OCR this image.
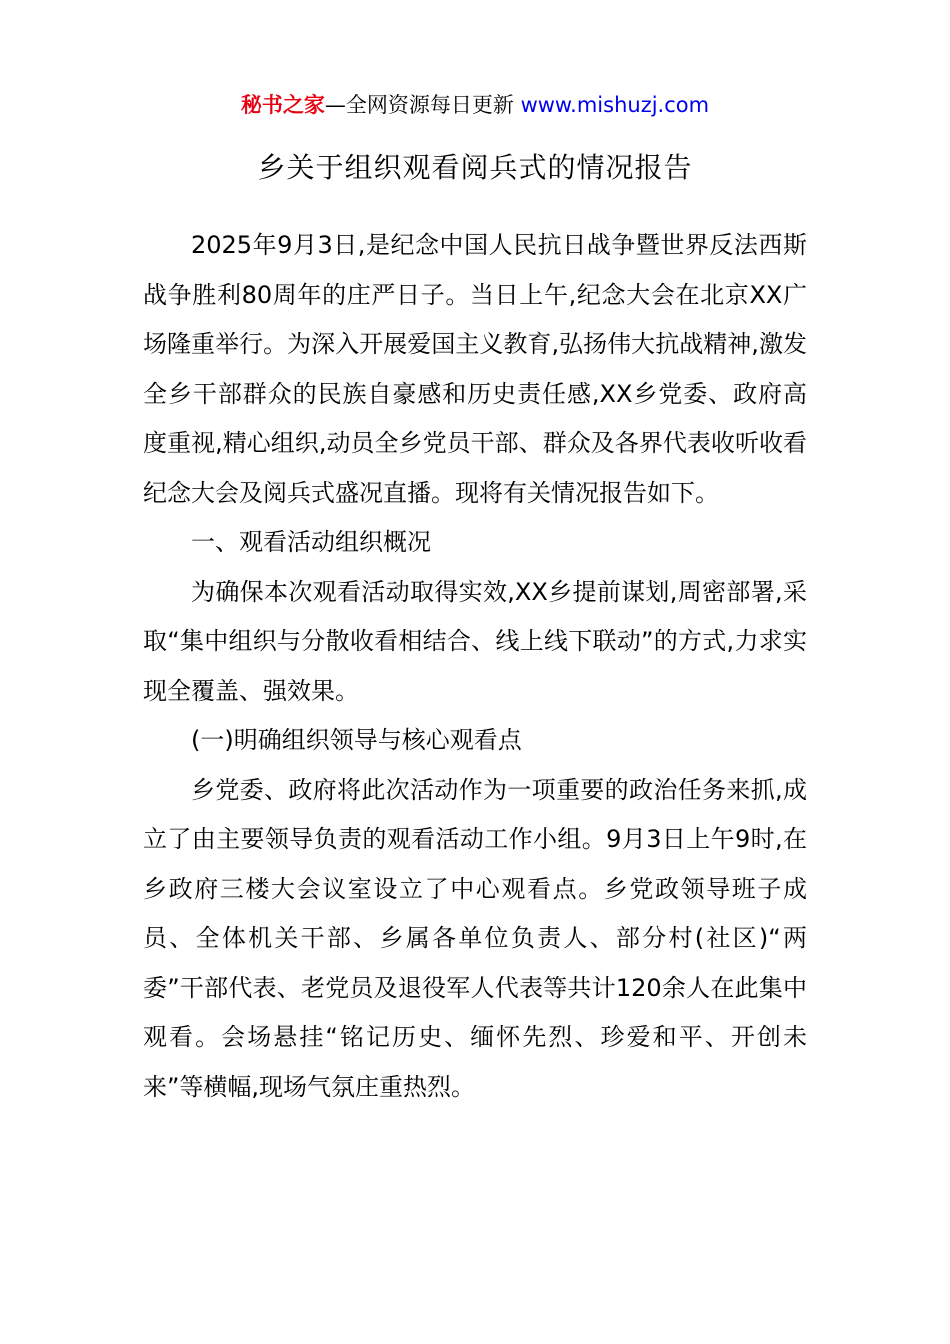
秘书之家—全网资源每日更新 www.mishuzj.com
乡关于组织观看阅兵式的情况报告

2025年9月3日,是纪念中国人民抗日战争暨世界反法西斯战争胜利80周年的庄严日子。当日上午,纪念大会在北京XX广场隆重举行。为深入开展爱国主义教育,弘扬伟大抗战精神,激发全乡干部群众的民族自豪感和历史责任感,XX乡党委、政府高度重视,精心组织,动员全乡党员干部、群众及各界代表收听收看纪念大会及阅兵式盛况直播。现将有关情况报告如下。

一、观看活动组织概况

为确保本次观看活动取得实效,XX乡提前谋划,周密部署,采取“集中组织与分散收看相结合、线上线下联动”的方式,力求实现全覆盖、强效果。

(一)明确组织领导与核心观看点

乡党委、政府将此次活动作为一项重要的政治任务来抓,成立了由主要领导负责的观看活动工作小组。9月3日上午9时,在乡政府三楼大会议室设立了中心观看点。乡党政领导班子成员、全体机关干部、乡属各单位负责人、部分村(社区)“两委”干部代表、老党员及退役军人代表等共计120余人在此集中观看。会场悬挂“铭记历史、缅怀先烈、珍爱和平、开创未来”等横幅,现场气氛庄重热烈。
